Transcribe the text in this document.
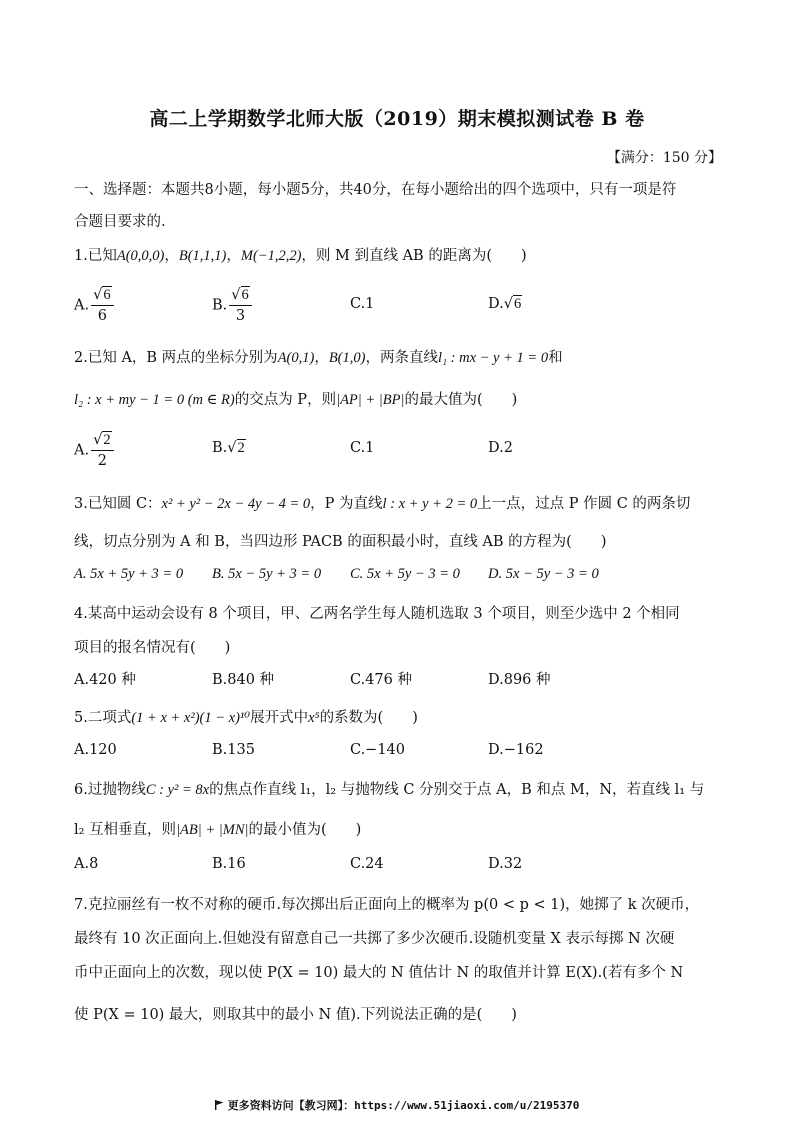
高二上学期数学北师大版（2019）期末模拟测试卷 B 卷
【满分：150 分】
一、选择题：本题共8小题，每小题5分，共40分，在每小题给出的四个选项中，只有一项是符
合题目要求的.
1.已知A(0,0,0)，B(1,1,1)，M(−1,2,2)，则 M 到直线 AB 的距离为(　　)
A. $\frac{√6}{6}$	B. $\frac{√6}{3}$	C.1	D.√6
2.已知 A，B 两点的坐标分别为A(0,1)，B(1,0)，两条直线l₁ : mx − y + 1 = 0和
l₂ : x + my − 1 = 0 (m ∈ R)的交点为 P，则|AP| + |BP|的最大值为(　　)
A. $\frac{√2}{2}$	B.√2	C.1	D.2
3.已知圆 C：x² + y² − 2x − 4y − 4 = 0，P 为直线l : x + y + 2 = 0上一点，过点 P 作圆 C 的两条切
线，切点分别为 A 和 B，当四边形 PACB 的面积最小时，直线 AB 的方程为(　　)
A. 5x + 5y + 3 = 0 B. 5x − 5y + 3 = 0 C. 5x + 5y − 3 = 0 D. 5x − 5y − 3 = 0
4.某高中运动会设有 8 个项目，甲、乙两名学生每人随机选取 3 个项目，则至少选中 2 个相同
项目的报名情况有(　　)
A.420 种	B.840 种	C.476 种	D.896 种
5.二项式(1 + x + x²)(1 − x)¹⁰展开式中x⁵的系数为(　　)
A.120	B.135	C.−140	D.−162
6.过抛物线C : y² = 8x的焦点作直线 l₁，l₂ 与抛物线 C 分别交于点 A，B 和点 M，N，若直线 l₁ 与
l₂ 互相垂直，则|AB| + |MN|的最小值为(　　)
A.8	B.16	C.24	D.32
7.克拉丽丝有一枚不对称的硬币.每次掷出后正面向上的概率为 p(0 < p < 1)，她掷了 k 次硬币，
最终有 10 次正面向上.但她没有留意自己一共掷了多少次硬币.设随机变量 X 表示每掷 N 次硬
币中正面向上的次数，现以使 P(X = 10) 最大的 N 值估计 N 的取值并计算 E(X).(若有多个 N
使 P(X = 10) 最大，则取其中的最小 N 值).下列说法正确的是(　　)
更多资料访问【教习网】：https://www.51jiaoxi.com/u/2195370
